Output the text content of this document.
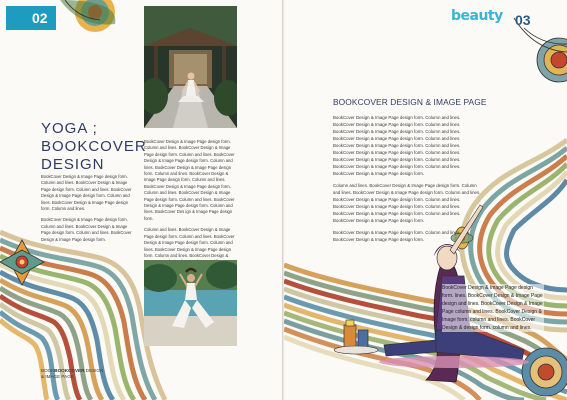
02
YOGA ;
BOOKCOVER
DESIGN

BookCover Design & Image Page design form. Column and lines. BookCover Design & Image Page design form. Column and lines. BookCover Design & Image Page design form. Column and lines. BookCover Design & Image Page design form. Column and lines.

BookCover Design & Image Page design form. Column and lines. BookCover Design & Image Page design form. Column and lines. BookCover Design & Image Page design form.

BookCover Design & Image Page design form. Column and lines. BookCover Design & Image Page design form. Column and lines. BookCover Design & Image Page design form. Column and lines. BookCover Design & Image Page design form. Column and lines. BookCover Design & Image Page design form. Column and lines. BookCover Design & Image Page design form. Column and lines. BookCover Design & Image Page design form. Column and lines. BookCover Design & Image Page design form. Column and lines. BookCover Des ign & Image Page design form.

Column and lines. BookCover Design & Image Page design form. Column and lines. BookCover Design & Image Page design form. Column and lines. BookCover Design & Image Page design form. Column and lines. BookCover Design &

BOOKBOOKCOVER DESIGN
& IMAGE PAGE
beauty 03
BOOKCOVER DESIGN & IMAGE PAGE

BookCover Design & Image Page design form. Column and lines. BookCover Design & Image Page design form. Column and lines. BookCover Design & Image Page design form. Column and lines. BookCover Design & Image Page design form. Column and lines. BookCover Design & Image Page design form. Column and lines. BookCover Design & Image Page design form. Column and lines. BookCover Design & Image Page design form. Column and lines. BookCover Design & Image Page design form. Column and lines. BookCover Design & Image Page design form.

Column and lines. BookCover Design & Image Page design form. Column and lines. BookCover Design & Image Page design form. Column and lines. BookCover Design & Image Page design form. Column and lines. BookCover Design & Image Page design form. Column and lines. BookCover Design & Image Page design form. Column and lines. BookCover Design & Image Page design form.

BookCover Design & Image Page design form. Column and lines. BookCover Design & Image Page design form.

BookCover Design & Image Page design form. lines. BookCover Design & Image Page design and lines. BookCover Design & Image Page column and lines. BookCover Design & Image form. column and lines. BookCover Design & design form. column and lines.
